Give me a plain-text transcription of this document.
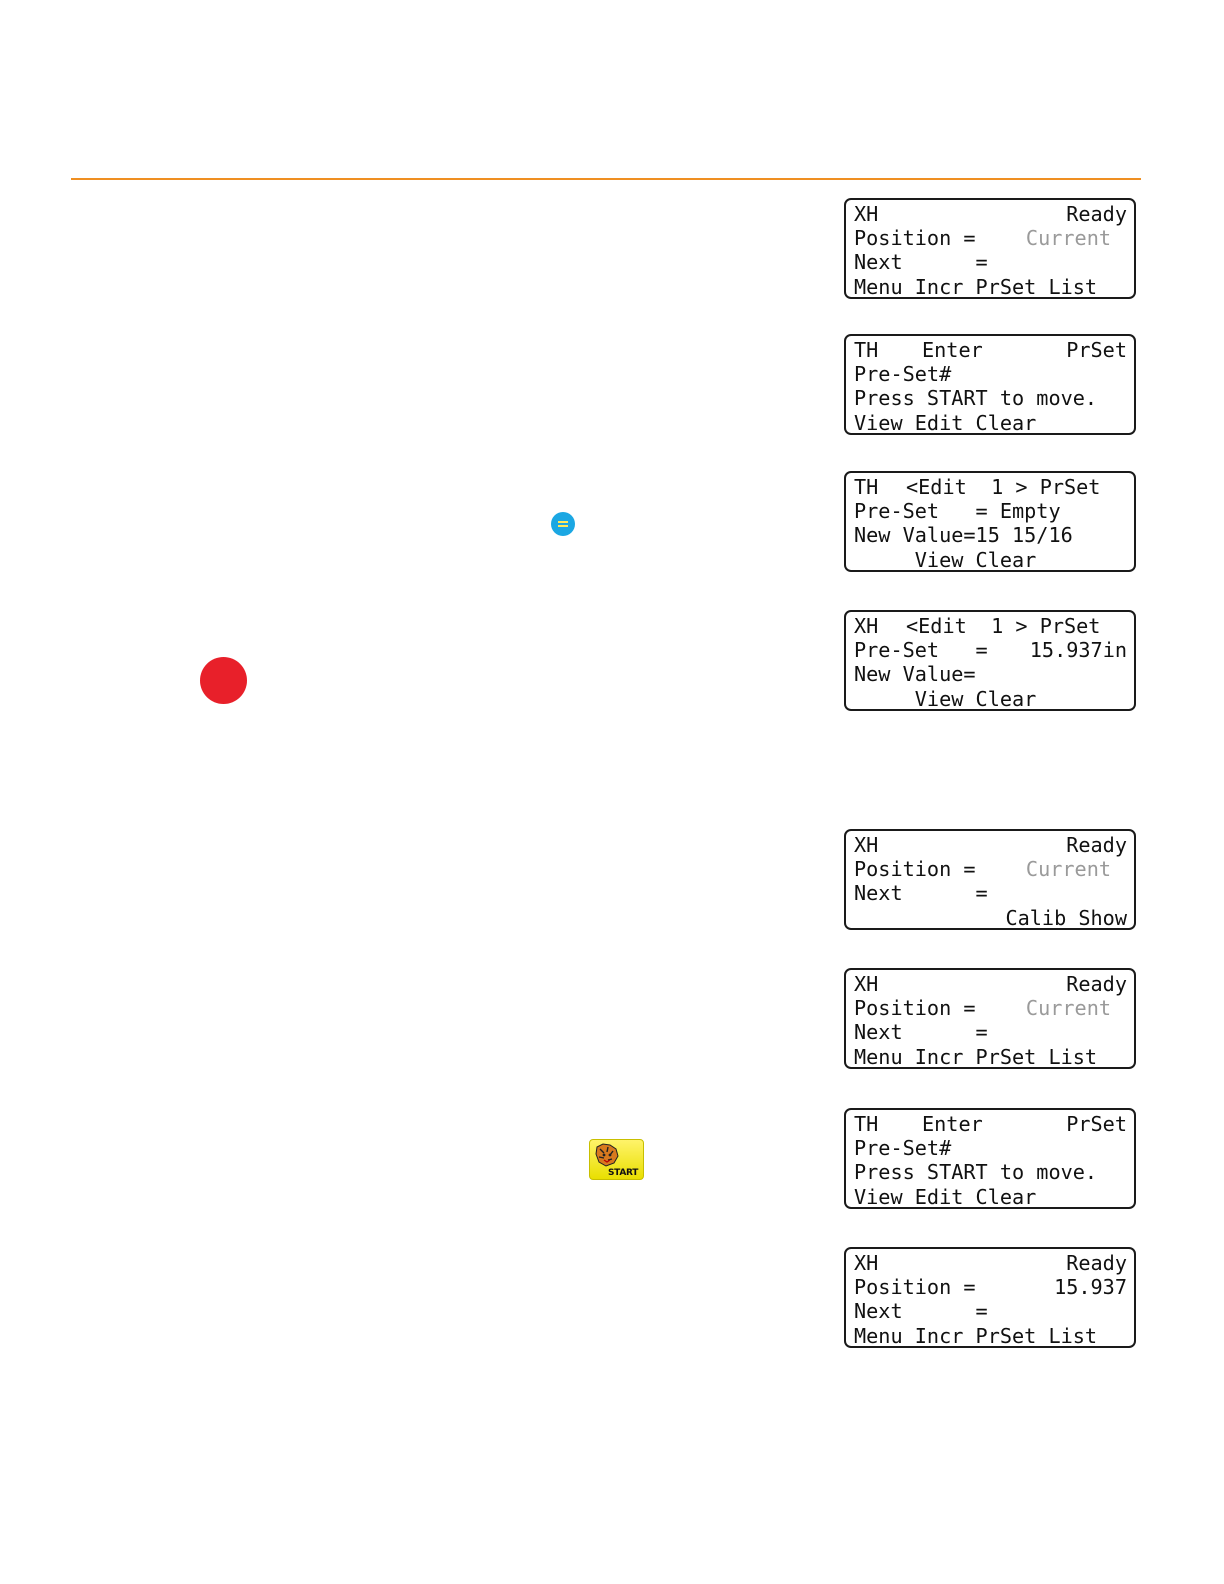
XH	Ready
Position = Current
Next      =
Menu Incr PrSet List
TH Enter	PrSet
Pre-Set#
Press START to move.
View Edit Clear
TH <Edit  1 > PrSet
Pre-Set   = Empty
New Value=15 15/16
View Clear
XH <Edit  1 > PrSet
Pre-Set   = 15.937in
New Value=
View Clear
XH	Ready
Position = Current
Next      =
Calib Show
XH	Ready
Position = Current
Next      =
Menu Incr PrSet List
TH Enter	PrSet
Pre-Set#
Press START to move.
View Edit Clear
XH	Ready
Position =	15.937
Next      =
Menu Incr PrSet List
START
